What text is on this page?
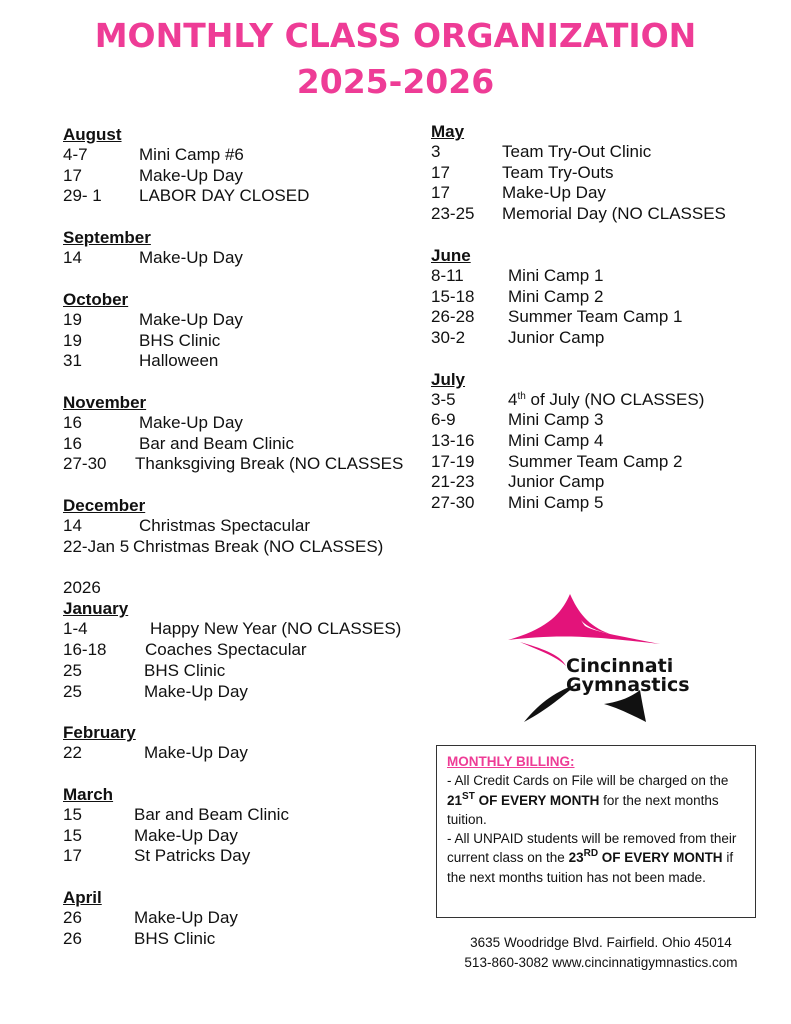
MONTHLY CLASS ORGANIZATION
2025-2026
August
4-7	Mini Camp #6
17	Make-Up Day
29- 1	LABOR DAY CLOSED
September
14	Make-Up Day
October
19	Make-Up Day
19	BHS Clinic
31	Halloween
November
16	Make-Up Day
16	Bar and Beam Clinic
27-30	Thanksgiving Break (NO CLASSES
December
14	Christmas Spectacular
22-Jan 5 Christmas Break (NO CLASSES)
2026
January
1-4	Happy New Year (NO CLASSES)
16-18	Coaches Spectacular
25	BHS Clinic
25	Make-Up Day
February
22	Make-Up Day
March
15	Bar and Beam Clinic
15	Make-Up Day
17	St Patricks Day
April
26	Make-Up Day
26	BHS Clinic
May
3	Team Try-Out Clinic
17	Team Try-Outs
17	Make-Up Day
23-25	Memorial Day (NO CLASSES
June
8-11	Mini Camp 1
15-18	Mini Camp 2
26-28	Summer Team Camp 1
30-2	Junior Camp
July
3-5	4th of July (NO CLASSES)
6-9	Mini Camp 3
13-16	Mini Camp 4
17-19	Summer Team Camp 2
21-23	Junior Camp
27-30	Mini Camp 5
Cincinnati
Gymnastics
MONTHLY BILLING:
- All Credit Cards on File will be charged on the 21ST OF EVERY MONTH for the next months tuition.
- All UNPAID students will be removed from their current class on the 23RD OF EVERY MONTH if the next months tuition has not been made.
3635 Woodridge Blvd. Fairfield. Ohio 45014
513-860-3082 www.cincinnatigymnastics.com
